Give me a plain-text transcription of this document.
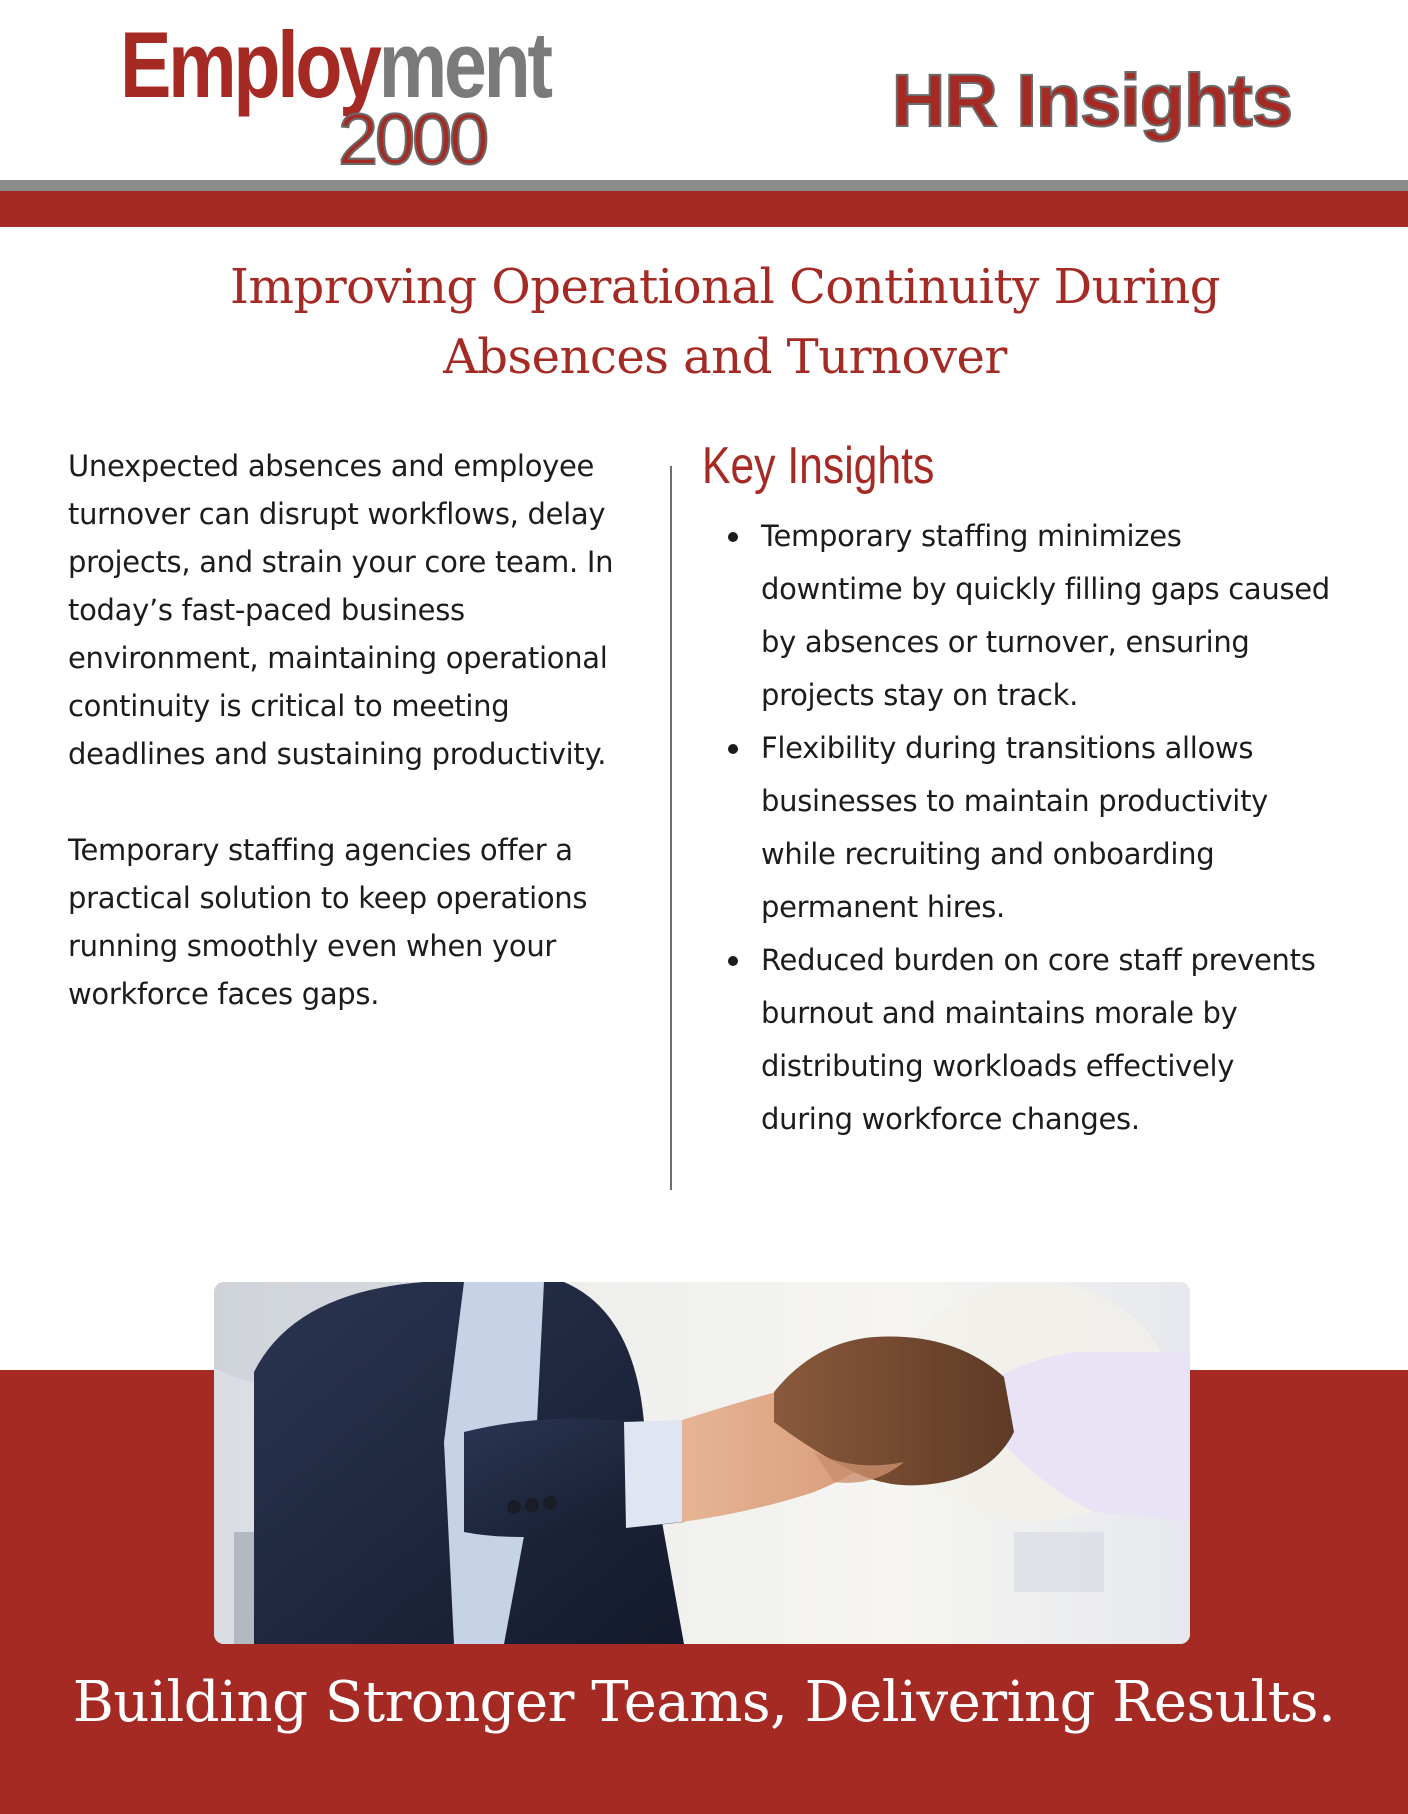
Employment
2000	HR Insights
Improving Operational Continuity During
Absences and Turnover

Unexpected absences and employee turnover can disrupt workflows, delay projects, and strain your core team. In today’s fast-paced business environment, maintaining operational continuity is critical to meeting deadlines and sustaining productivity.

Temporary staffing agencies offer a practical solution to keep operations running smoothly even when your workforce faces gaps.

Key Insights
Temporary staffing minimizes downtime by quickly filling gaps caused by absences or turnover, ensuring projects stay on track.
Flexibility during transitions allows businesses to maintain productivity while recruiting and onboarding permanent hires.
Reduced burden on core staff prevents burnout and maintains morale by distributing workloads effectively during workforce changes.

Building Stronger Teams, Delivering Results.
